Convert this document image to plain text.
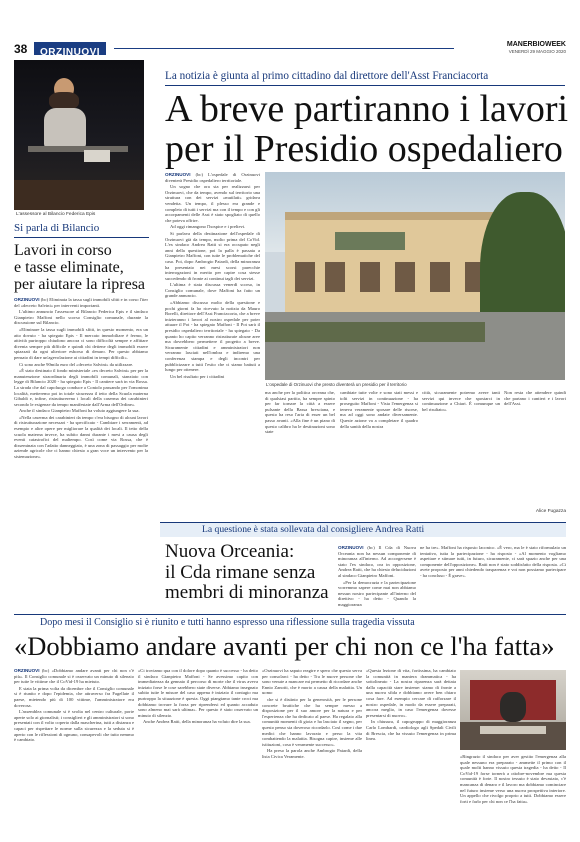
38	ORZINUOVI
MANERBIOWEEK
VENERDÌ 29 MAGGIO 2020
L'assessore al Bilancio Federica Epis
Si parla di Bilancio
Lavori in corso
e tasse eliminate,
per aiutare la ripresa

ORZINUOVI (bc) Eliminata la tassa sugli immobili sfitti e in corso l'iter del «decreto Salvini» per interventi importanti.

L'ultimo annuncio l'assessore al Bilancio Federica Epis e il sindaco Gianpietro Maffoni nello scorso Consiglio comunale, durante la discussione sul Bilancio.

«Eliminare la tassa sugli immobili sfitti, in questo momento, era un atto dovuto - ha spiegato Epis - Il mercato immobiliare è fermo, le attività purtroppo chiudono ancora ci sono difficoltà sempre e affittare diventa sempre più difficile e quindi chi detiene degli immobili essere spiazzati da ogni ulteriore esborso di denaro. Per questo abbiamo pensato di dare un'agevolazione ai cittadini in tempi difficili».

Ci sono anche 90mila euro del «decreto Salvini» da utilizzare.

«È stato destinato il fondo ministeriale «ex decreto Salvini» per per la manutenzione straordinaria degli immobili comunali, stanziato con legge di Bilancio 2020 - ha spiegato Epis - Il cantiere sarà in via Rossa. La strada che dal capoluogo conduce a Coniolo passando per l'omonima località, metteremo poi in totale sicurezza il tetto della Scuola materna Gibaldi e, infine, ristrutturereno i locali della caserma dei carabinieri secondo le esigenze da tempo manifestate dall'Arma dell'Ordine».

Anche il sindaco Gianpietro Maffoni ha voluto aggiungere la sua.

«Nella caserma dei carabinieri da tempo c'era bisogno di alcuni lavori di ristrutturazione necessari - ha specificato - Cambiare i serramenti, ad esempio e altre opere per migliorare la qualità dei locali. Il tetto della scuola materna invece, ha subito danni durante i mesi a causa degli eventi catastrofici del maltempo. Così come via Rossa, che è disseminata con l'adatto danneggiato, è una zona di passaggio per molte aziende agricole che ci hanno chiesto a gran voce un intervento per la sistemazione».

La notizia è giunta al primo cittadino dal direttore dell'Asst Franciacorta
A breve partiranno i lavori
per il Presidio ospedaliero

ORZINUOVI (bc) L'ospedale di Orzinuovi diventerà Presidio ospedaliero territoriale.

Un sogno che ora sta per realizzarsi per Orzinuovi, che da tempo, avendo sul territorio una struttura con dei servizi «mutilati» gridava vendetta. Un tempo, il plesso era grande e completo di tutti i servizi ma con il tempo e con gli accorpamenti delle Asst è stato spogliato di quello che poteva offrire.

Ad oggi rimangono l'hospice e i prelievi.

Si parlava della destinazione dell'ospedale di Orzinuovi già da tempo, molto prima del CoVid. L'ex sindaco Andrea Ratti si era occupato negli anni della questione, poi la palla è passata a Gianpietro Maffoni, con tutte le problematiche del caso. Poi, dopo Ambrogio Paiardi, della minoranza ha presentato nei mesi scorsi parecchie interrogazioni in merito per capire cosa stesse succedendo di fronte ai continui tagli dei servizi.

L'ultima è stata discussa venerdì scorso, in Consiglio comunale, dove Maffoni ha fatto un grande annuncio.

«Abbiamo discusso molto della questione e pochi giorni fa ho ricevuto la notizia da Mauro Borelli, direttore dell'Asst Franciacorta, che a breve inizieranno i lavori al nostro ospedale per poter attuare il Pot - ha spiegato Maffoni - Il Pot sarà il presidio ospedaliero territoriale - ha spiegato - Da quanto ho capito verranno ristrutturate alcune aree ma dovrebbero permettere il progetto a breve. Sicuramente cittadini e amministratori non verranno lasciati nell'ombra e indiremo una conferenza stampa e degli incontri per pubblicizzare a tutti l'esito che ci siamo battuti a lungo per ottenere.

Un bel risultato per i cittadini

L'ospedale di Orzinuovi che presto diventerà un presidio per il territorio

ma anche per la politica orceana che, di qualsiasi partito, ha sempre spinto per far tornare la città a essere pulsante della Bassa bresciana, e questo ha reso l'aria di esser un bel passo avanti. «Alla fine è un piano di questo calibro ha le destinazioni sono state

cambiate tutte volte e sono stati messi e tolti servizi in continuazione - ha proseguito Maffoni - Vista l'emergenza si teneva veramente sposare delle risorse, ma ad oggi sono andate diversamente. Queste azione va a completare il quadro della sanità della nostra

città, sicuramente potremo avere tanti servizi qui invece che spostarci in continuazione a Chiari. È comunque un bel risultato».

Non resta che attendere quindi che partano i cantieri e i lavori dell'Asst.

Alice Fugazza
La questione è stata sollevata dal consigliere Andrea Ratti
Nuova Orceania:
il Cda rimane senza
membri di minoranza

ORZINUOVI (bc) Il Cda di Nuova Orceania non ha nessun componente di minoranza all'interno. Ad accorgersene è stato l'ex sindaco, ora in opposizione, Andrea Ratti, che ha chiesto delucidazioni al sindaco Gianpietro Maffoni.

«Per la democrazia e la partecipazione vorremmo sapere come mai non abbiamo nessun nostro partecipante all'interno del direttivo - ha detto - Quando la maggioranza

ne ha tre». Maffoni ha risposto laconico. «È vero, ma le è stato riformulato un tentativo, tutta la partecipazione - ha risposto - «Al momento vogliamo aspettare e stimare tutti, in futuro, sicuramente, ci sarà spazio anche per una componente dell'opposizione». Ratti non è stato soddisfatto della risposta. «Ci avete proposto per anni chiedendo trasparenza e voi non possiamo partecipare - ha concluso - È grave».

Dopo mesi il Consiglio si è riunito e tutti hanno espresso una riflessione sulla tragedia vissuta
«Dobbiamo andare avanti per chi non ce l'ha fatta»

ORZINUOVI (bc) «Dobbiamo andare avanti per chi non c'è più». Il Consiglio comunale si è osservato un minuto di silenzio per tutte le vittime che il CoVid-19 ha mietuto.

E stata la prima volta da dicembre che il Consiglio comunale si è riunito e dopo l'epidemia, che attraverso fra Fagellate il paese, mietendo più di 100 vittime, l'amministratore era doverosa.

L'assemblea comunale si è svolta nel centro culturale, porte aperte solo ai giornalisti; i consiglieri e gli amministratori si sono presentati con il volto coperto dalla mascherina, tutti a distanza e capaci per rispettare le norme sulla sicurezza e la seduta si è aperto con le riflessioni di ognuno, consapevoli che tutto nemmo è cambiato.

«Ci troviamo qua con il dolore dopo quanto è successo - ha detto il sindaco Gianpietro Maffoni - Se avessimo capito con immediatezza da gennaio il percorso di morte che il virus aveva iniziato forse le cose sarebbero state diverse. Abbiamo insegnato subito tutte le misure del caso appena è iniziato il contagio ma purtroppo la situazione è questa. Oggi piangiamo tante croci ma dobbiamo trovare la forza per riprendersi ed quanto accaduto sono almeno mai sarà ultima». Per questo è stato osservato un minuto di silenzio.

Anche Andrea Ratti, della minoranza ha voluto dire la sua.

«Orzinuovi ha saputo reagire e spero che questo serva per consolarci - ha detto - Tra le nuove persone che sono venute a mancare mi permetto di ricordare anche Ennio Zanotti, che è morto a causa della malattia. Un uomo

che si è distinto per la generosità, per le persone concrete bruttiche che ha sempre messo a disposizione per il suo amore per la natura e per l'esperienza che ha dedicato al paese. Ha regalato alla comunità momenti di gioia e ha lasciato il segno, per questo penso sia doveroso ricordarlo. Così come i due medici che hanno lavorato e perso la vita combattendo la malattia. Bisogna capire, insieme alle istituzioni, cosa è veramente successo».

Ha preso la parola anche Ambrogio Paiardi, della lista Civica Veramente.

«Questa lezione di vita, fortissima, ha cambiato la comunità in maniera drammatica - ha sottolineato - La nostra riparenza sarà dettata dalla capacità stare insieme: siamo di fronte a una nuova sfida e dobbiamo avere ben chiaro cosa fare. Ad esempio cercare di rafforzare il nostro ospedale, in modo da essere preparati, ancora meglio, in caso l'emergenza dovesse presentarsi di nuovo».

In chiusura, il capogruppo di maggioranza Carlo Lombardi, cardiologo agli Spedali Civili di Brescia, che ha vissuto l'emergenza in prima linea.

«Ringrazio il sindaco per aver gestito l'emergenza alla quale nessuno era preparato - ammette il primo con il quale molti hanno vissuto questa tragedia - ha detto - Il CoVid-19 forse tornerà a ottobre-novembre ma questa comunità è forte. Il nostro tessuto è stato devastato, c'è mancanza di denaro e il lavoro ma dobbiamo cominciare nel futuro insieme verso una nuova prospettiva interiore. Un appello che rivolgo proprio a tutti. Dobbiamo essere forti e farlo per chi non ce l'ha fatta».
